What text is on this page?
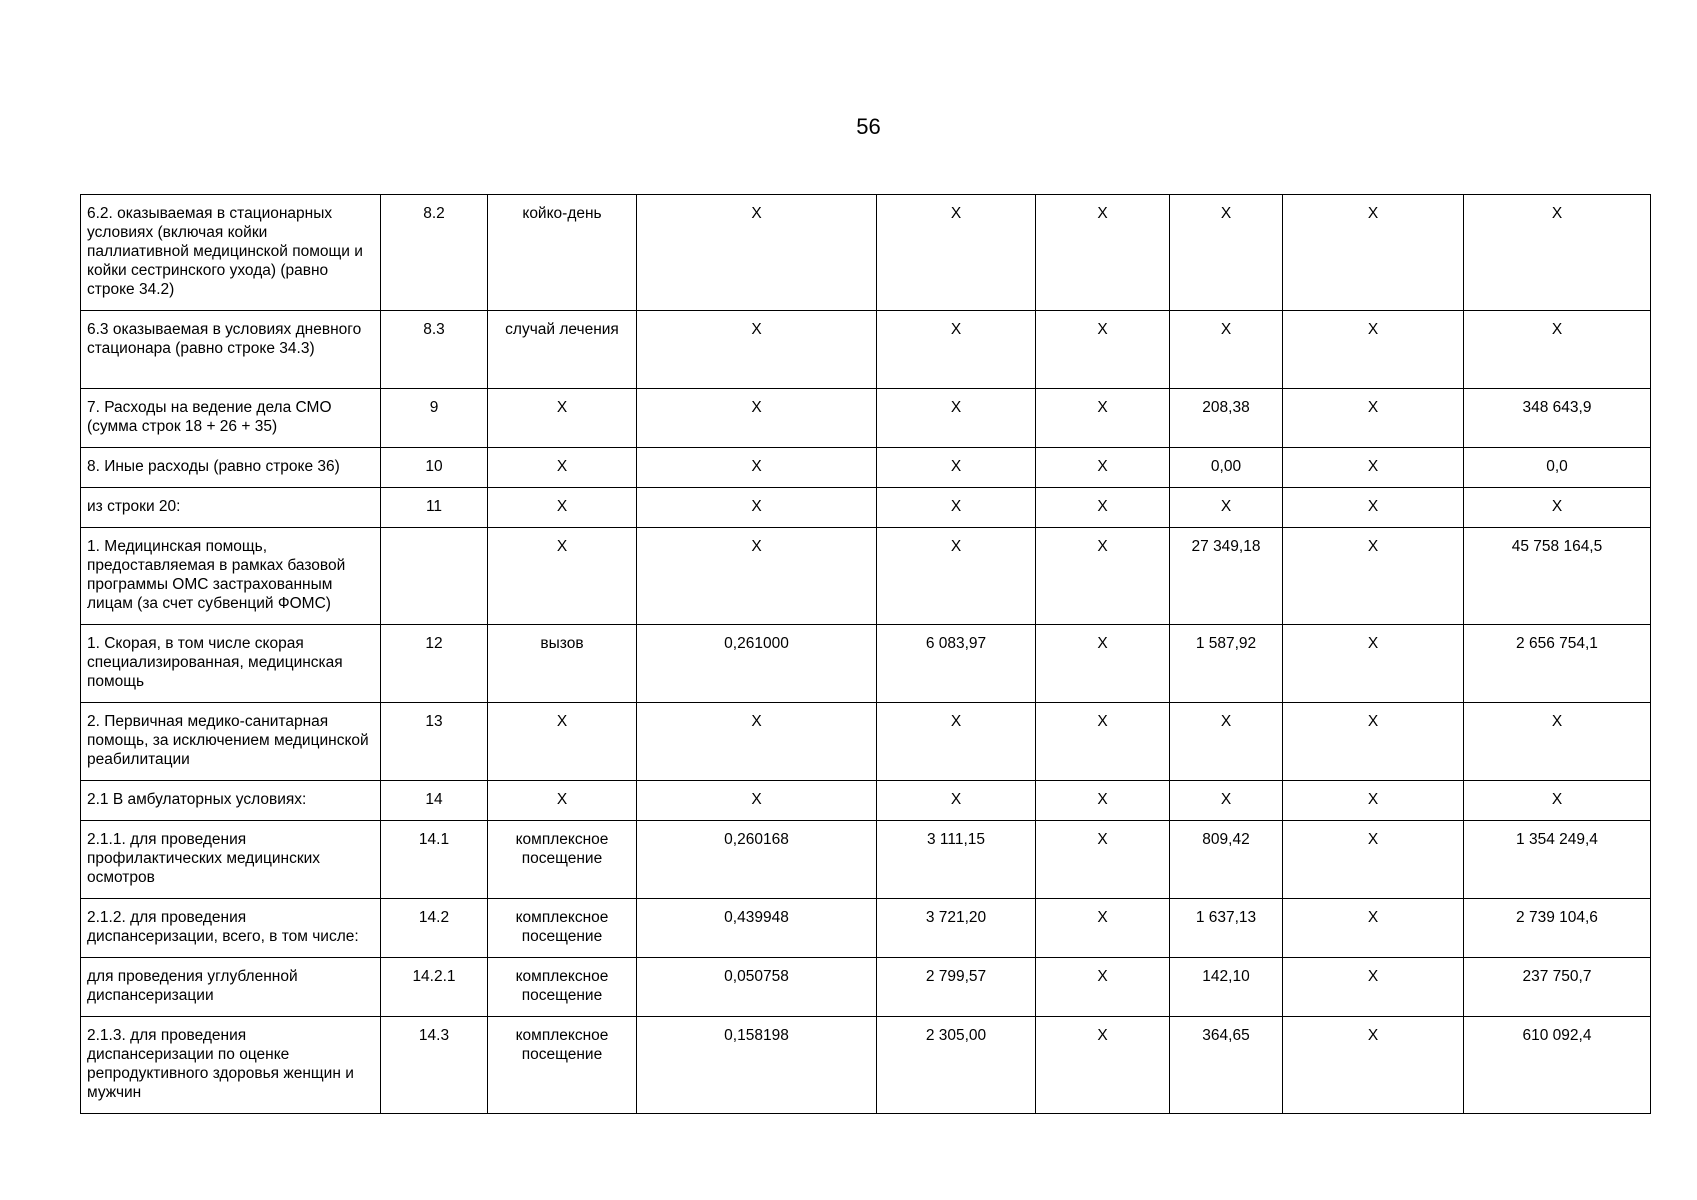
56
6.2. оказываемая в стационарных условиях (включая койки паллиативной медицинской помощи и койки сестринского ухода) (равно строке 34.2)	8.2	койко-день	X	X	X	X	X	X
6.3 оказываемая в условиях дневного стационара (равно строке 34.3)	8.3	случай лечения	X	X	X	X	X	X
7. Расходы на ведение дела СМО (сумма строк 18 + 26 + 35)	9	X	X	X	X	208,38	X	348 643,9
8. Иные расходы (равно строке 36)	10	X	X	X	X	0,00	X	0,0
из строки 20:	11	X	X	X	X	X	X	X
1. Медицинская помощь, предоставляемая в рамках базовой программы ОМС застрахованным лицам (за счет субвенций ФОМС)		X	X	X	X	27 349,18	X	45 758 164,5
1. Скорая, в том числе скорая специализированная, медицинская помощь	12	вызов	0,261000	6 083,97	X	1 587,92	X	2 656 754,1
2. Первичная медико-санитарная помощь, за исключением медицинской реабилитации	13	X	X	X	X	X	X	X
2.1 В амбулаторных условиях:	14	X	X	X	X	X	X	X
2.1.1. для проведения профилактических медицинских осмотров	14.1	комплексное посещение	0,260168	3 111,15	X	809,42	X	1 354 249,4
2.1.2. для проведения диспансеризации, всего, в том числе:	14.2	комплексное посещение	0,439948	3 721,20	X	1 637,13	X	2 739 104,6
для проведения углубленной диспансеризации	14.2.1	комплексное посещение	0,050758	2 799,57	X	142,10	X	237 750,7
2.1.3. для проведения диспансеризации по оценке репродуктивного здоровья женщин и мужчин	14.3	комплексное посещение	0,158198	2 305,00	X	364,65	X	610 092,4
